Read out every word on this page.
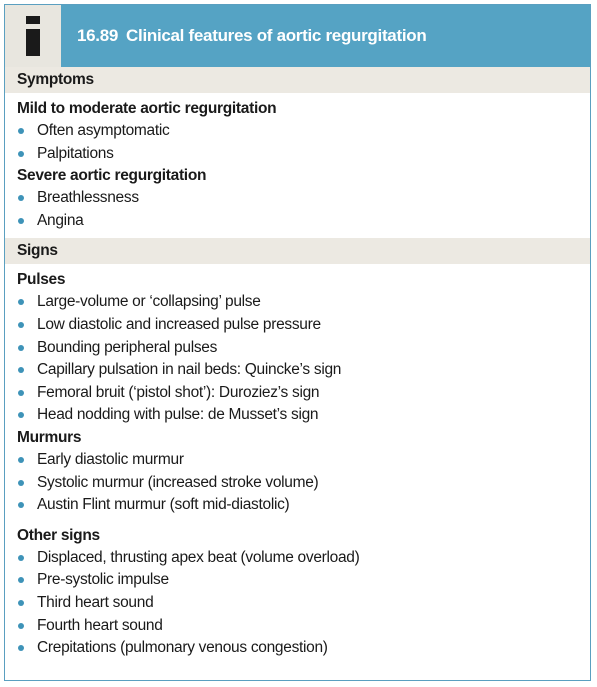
16.89 Clinical features of aortic regurgitation
Symptoms
Mild to moderate aortic regurgitation
Often asymptomatic
Palpitations
Severe aortic regurgitation
Breathlessness
Angina
Signs
Pulses
Large-volume or ‘collapsing’ pulse
Low diastolic and increased pulse pressure
Bounding peripheral pulses
Capillary pulsation in nail beds: Quincke’s sign
Femoral bruit (‘pistol shot’): Duroziez’s sign
Head nodding with pulse: de Musset’s sign
Murmurs
Early diastolic murmur
Systolic murmur (increased stroke volume)
Austin Flint murmur (soft mid-diastolic)
Other signs
Displaced, thrusting apex beat (volume overload)
Pre-systolic impulse
Third heart sound
Fourth heart sound
Crepitations (pulmonary venous congestion)
